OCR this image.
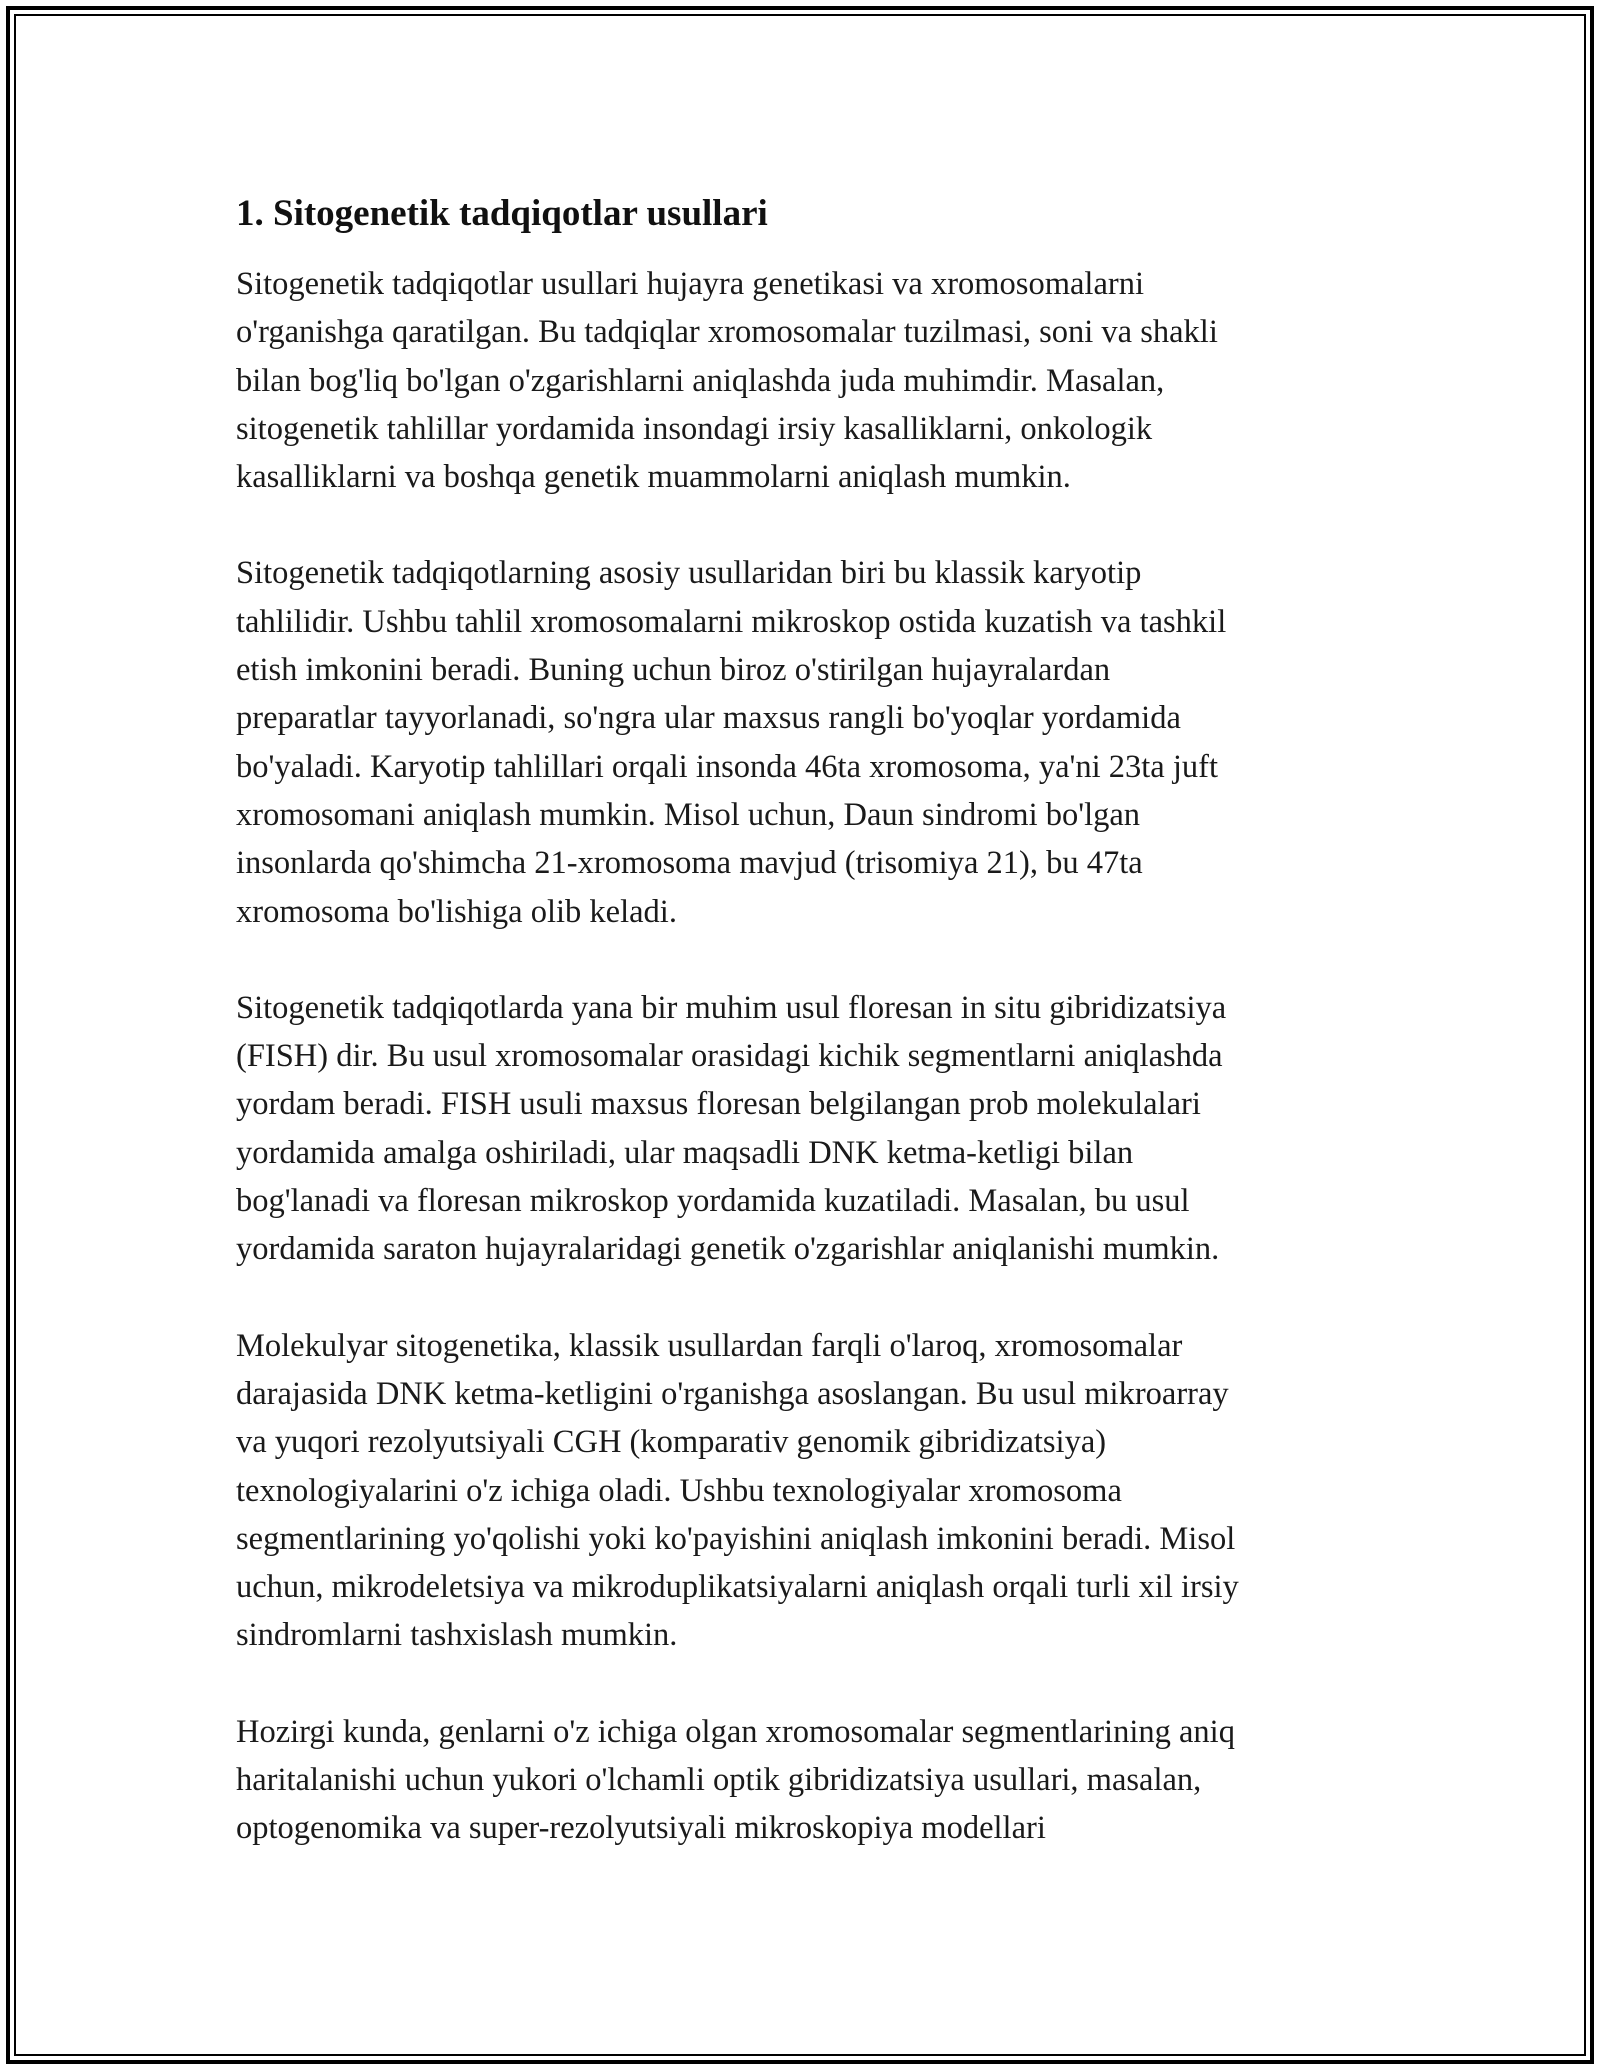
1. Sitogenetik tadqiqotlar usullari

Sitogenetik tadqiqotlar usullari hujayra genetikasi va xromosomalarni
o'rganishga qaratilgan. Bu tadqiqlar xromosomalar tuzilmasi, soni va shakli
bilan bog'liq bo'lgan o'zgarishlarni aniqlashda juda muhimdir. Masalan,
sitogenetik tahlillar yordamida insondagi irsiy kasalliklarni, onkologik
kasalliklarni va boshqa genetik muammolarni aniqlash mumkin.

Sitogenetik tadqiqotlarning asosiy usullaridan biri bu klassik karyotip
tahlilidir. Ushbu tahlil xromosomalarni mikroskop ostida kuzatish va tashkil
etish imkonini beradi. Buning uchun biroz o'stirilgan hujayralardan
preparatlar tayyorlanadi, so'ngra ular maxsus rangli bo'yoqlar yordamida
bo'yaladi. Karyotip tahlillari orqali insonda 46ta xromosoma, ya'ni 23ta juft
xromosomani aniqlash mumkin. Misol uchun, Daun sindromi bo'lgan
insonlarda qo'shimcha 21-xromosoma mavjud (trisomiya 21), bu 47ta
xromosoma bo'lishiga olib keladi.

Sitogenetik tadqiqotlarda yana bir muhim usul floresan in situ gibridizatsiya
(FISH) dir. Bu usul xromosomalar orasidagi kichik segmentlarni aniqlashda
yordam beradi. FISH usuli maxsus floresan belgilangan prob molekulalari
yordamida amalga oshiriladi, ular maqsadli DNK ketma-ketligi bilan
bog'lanadi va floresan mikroskop yordamida kuzatiladi. Masalan, bu usul
yordamida saraton hujayralaridagi genetik o'zgarishlar aniqlanishi mumkin.

Molekulyar sitogenetika, klassik usullardan farqli o'laroq, xromosomalar
darajasida DNK ketma-ketligini o'rganishga asoslangan. Bu usul mikroarray
va yuqori rezolyutsiyali CGH (komparativ genomik gibridizatsiya)
texnologiyalarini o'z ichiga oladi. Ushbu texnologiyalar xromosoma
segmentlarining yo'qolishi yoki ko'payishini aniqlash imkonini beradi. Misol
uchun, mikrodeletsiya va mikroduplikatsiyalarni aniqlash orqali turli xil irsiy
sindromlarni tashxislash mumkin.

Hozirgi kunda, genlarni o'z ichiga olgan xromosomalar segmentlarining aniq
haritalanishi uchun yukori o'lchamli optik gibridizatsiya usullari, masalan,
optogenomika va super-rezolyutsiyali mikroskopiya modellari
